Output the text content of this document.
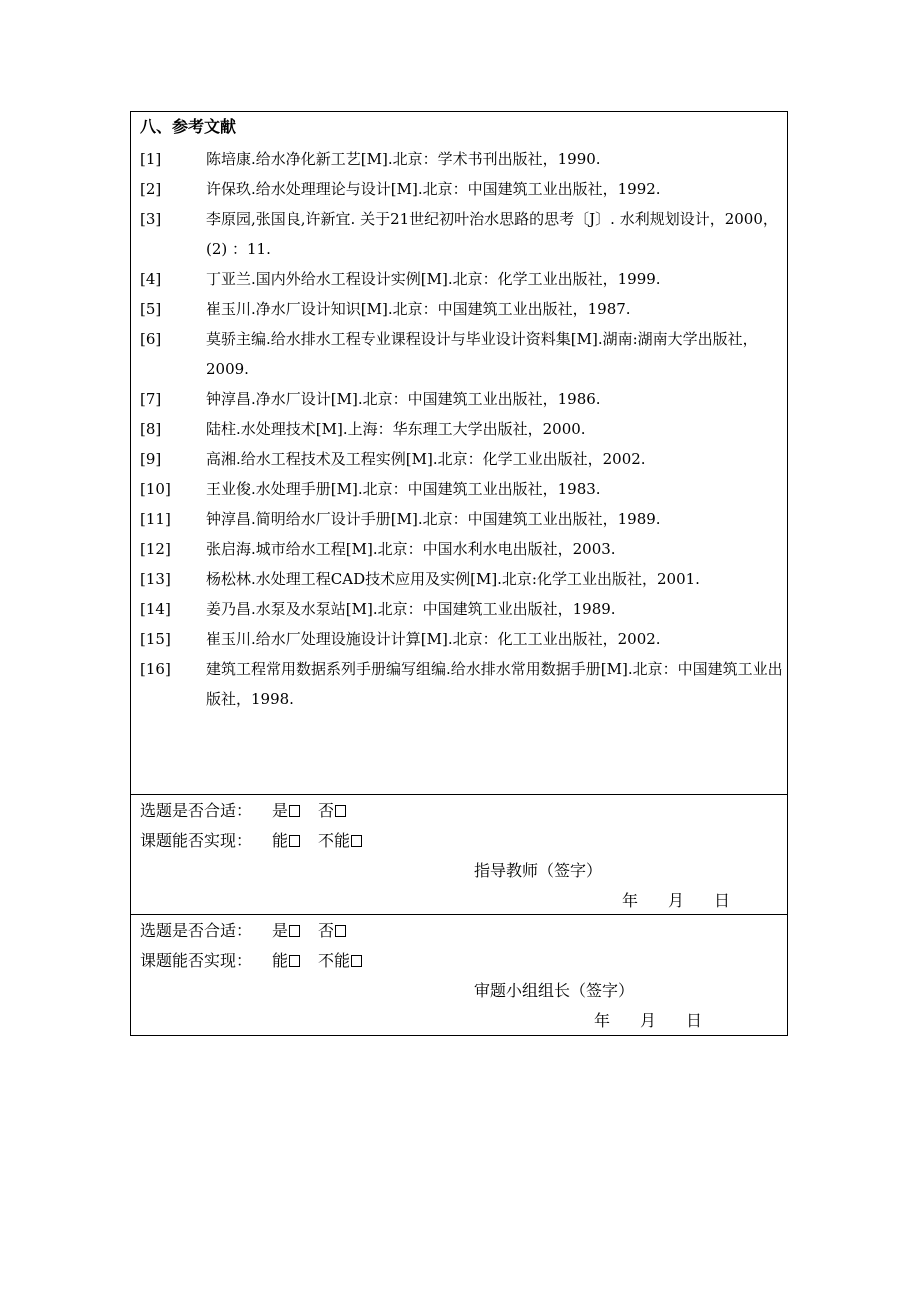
八、参考文献
[1]	陈培康.给水净化新工艺[M].北京：学术书刊出版社，1990.
[2]	许保玖.给水处理理论与设计[M].北京：中国建筑工业出版社，1992.
[3]	李原园,张国良,许新宜. 关于21世纪初叶治水思路的思考〔J〕. 水利规划设计，2000，(2) ：11.
[4]	丁亚兰.国内外给水工程设计实例[M].北京：化学工业出版社，1999.
[5]	崔玉川.净水厂设计知识[M].北京：中国建筑工业出版社，1987.
[6]	莫骄主编.给水排水工程专业课程设计与毕业设计资料集[M].湖南:湖南大学出版社，2009.
[7]	钟淳昌.净水厂设计[M].北京：中国建筑工业出版社，1986.
[8]	陆柱.水处理技术[M].上海：华东理工大学出版社，2000.
[9]	高湘.给水工程技术及工程实例[M].北京：化学工业出版社，2002.
[10] 王业俊.水处理手册[M].北京：中国建筑工业出版社，1983.
[11] 钟淳昌.简明给水厂设计手册[M].北京：中国建筑工业出版社，1989.
[12] 张启海.城市给水工程[M].北京：中国水利水电出版社，2003.
[13] 杨松林.水处理工程CAD技术应用及实例[M].北京:化学工业出版社，2001.
[14] 姜乃昌.水泵及水泵站[M].北京：中国建筑工业出版社，1989.
[15] 崔玉川.给水厂处理设施设计计算[M].北京：化工工业出版社，2002.
[16] 建筑工程常用数据系列手册编写组编.给水排水常用数据手册[M].北京：中国建筑工业出版社，1998.
选题是否合适： 是 否
课题能否实现： 能 不能
指导教师（签字）
年 月 日
选题是否合适： 是 否
课题能否实现： 能 不能
审题小组组长（签字）
年 月 日
